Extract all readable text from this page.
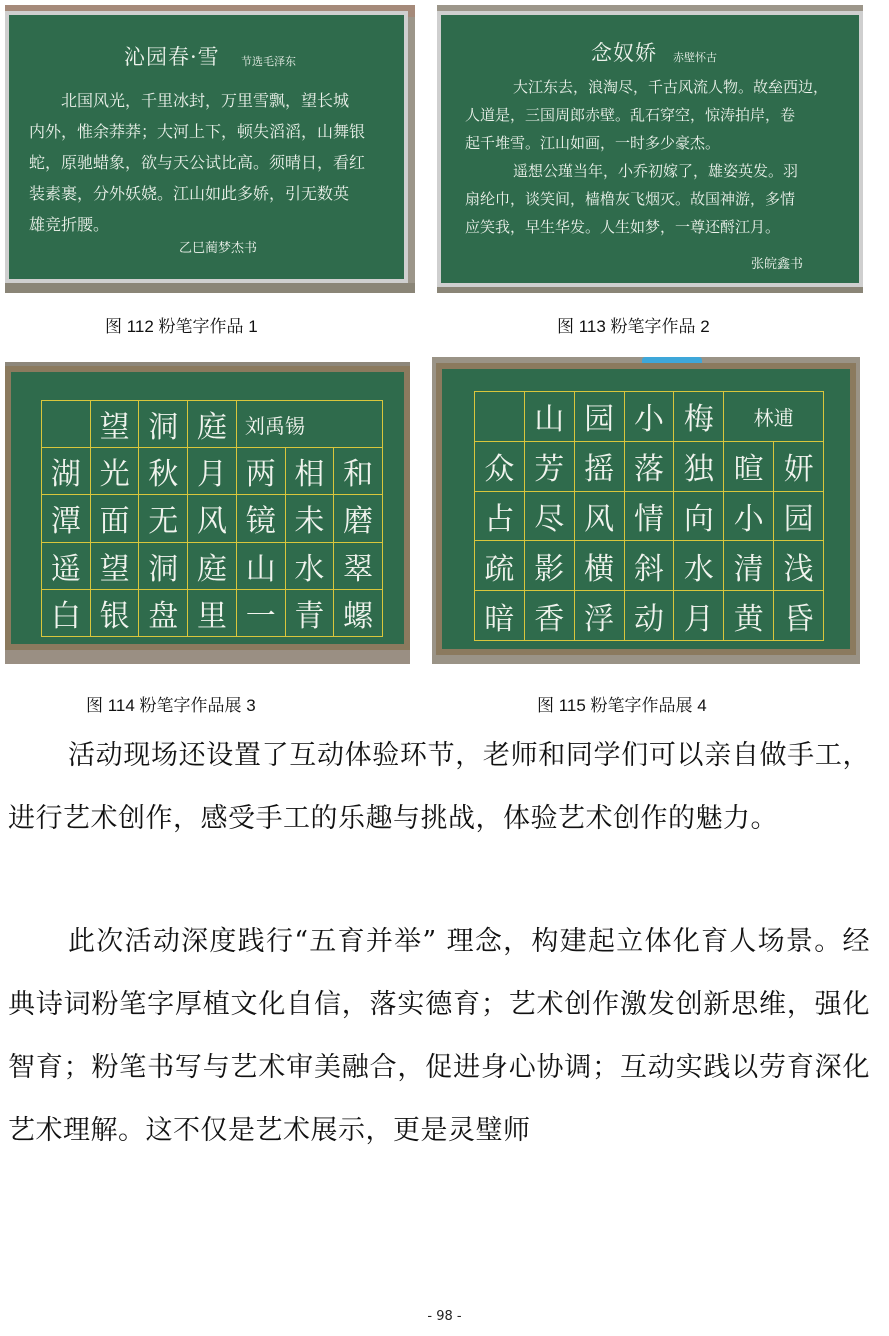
沁园春·雪 节选毛泽东
北国风光，千里冰封，万里雪飘，望长城
内外，惟余莽莽；大河上下，顿失滔滔，山舞银
蛇，原驰蜡象，欲与天公试比高。须晴日，看红
装素裹，分外妖娆。江山如此多娇，引无数英
雄竞折腰。
乙巳蔺梦杰书
图 112 粉笔字作品 1
念奴娇 赤壁怀古
大江东去，浪淘尽，千古风流人物。故垒西边，
人道是，三国周郎赤壁。乱石穿空，惊涛拍岸，卷
起千堆雪。江山如画，一时多少豪杰。
遥想公瑾当年，小乔初嫁了，雄姿英发。羽
扇纶巾，谈笑间，樯橹灰飞烟灭。故国神游，多情
应笑我，早生华发。人生如梦，一尊还酹江月。
张皖鑫书
图 113 粉笔字作品 2
望 洞 庭 刘禹锡
湖 光 秋 月 两 相 和
潭 面 无 风 镜 未 磨
遥 望 洞 庭 山 水 翠
白 银 盘 里 一 青 螺
图 114 粉笔字作品展 3
山 园 小 梅	林逋
众 芳 摇 落 独 暄 妍
占 尽 风 情 向 小 园
疏 影 横 斜 水 清 浅
暗 香 浮 动 月 黄 昏
图 115 粉笔字作品展 4
活动现场还设置了互动体验环节，老师和同学们可以亲自做手工，进行艺术创作，感受手工的乐趣与挑战，体验艺术创作的魅力。
此次活动深度践行“五育并举” 理念，构建起立体化育人场景。经典诗词粉笔字厚植文化自信，落实德育；艺术创作激发创新思维，强化智育；粉笔书写与艺术审美融合，促进身心协调；互动实践以劳育深化艺术理解。这不仅是艺术展示，更是灵璧师
- 98 -
